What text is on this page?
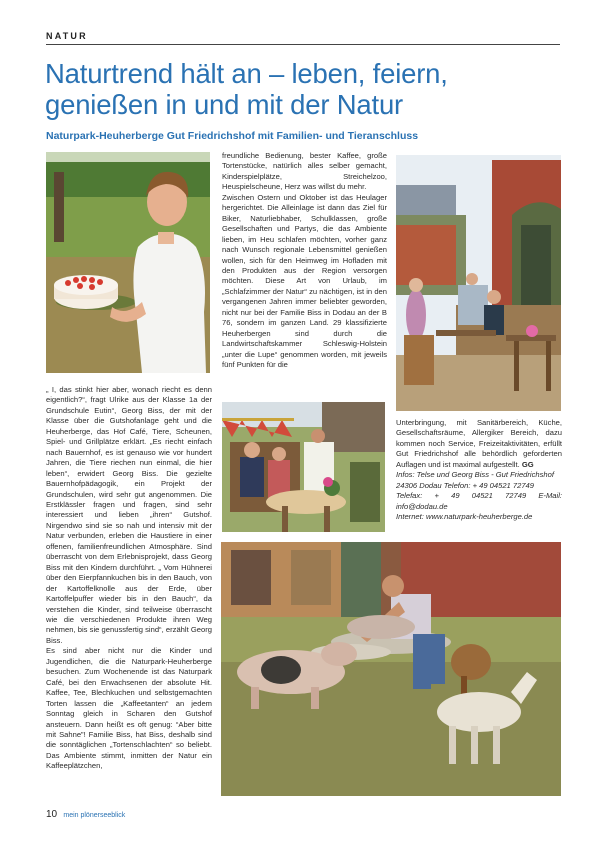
NATUR
Naturtrend hält an – leben, feiern, genießen in und mit der Natur
Naturpark-Heuherberge Gut Friedrichshof mit Familien- und Tieranschluss

„ I, das stinkt hier aber, wonach riecht es denn eigentlich?“, fragt Ulrike aus der Klasse 1a der Grundschule Eutin“, Georg Biss, der mit der Klasse über die Gutshofanlage geht und die Heuherberge, das Hof Café, Tiere, Scheunen, Spiel- und Grillplätze erklärt. „Es riecht einfach nach Bauernhof, es ist genauso wie vor hundert Jahren, die Tiere riechen nun einmal, die hier leben“, erwidert Georg Biss. Die gezielte Bauernhofpädagogik, ein Projekt der Grundschulen, wird sehr gut angenommen. Die Erstklässler fragen und fragen, sind sehr interessiert und lieben „ihren“ Gutshof. Nirgendwo sind sie so nah und intensiv mit der Natur verbunden, erleben die Haustiere in einer offenen, familienfreundlichen Atmosphäre. Sind überrascht von dem Erlebnisprojekt, dass Georg Biss mit den Kindern durchführt. „ Vom Hühnerei über den Eierpfannkuchen bis in den Bauch, von der Kartoffelknolle aus der Erde, über Kartoffelpuffer wieder bis in den Bauch“, da verstehen die Kinder, sind teilweise überrascht wie die verschiedenen Produkte ihren Weg nehmen, bis sie genussfertig sind“, erzählt Georg Biss.

Es sind aber nicht nur die Kinder und Jugendlichen, die die Naturpark-Heuherberge besuchen. Zum Wochenende ist das Naturpark Café, bei den Erwachsenen der absolute Hit. Kaffee, Tee, Blechkuchen und selbstgemachten Torten lassen die „Kaffeetanten“ an jedem Sonntag gleich in Scharen den Gutshof ansteuern. Dann heißt es oft genug: “Aber bitte mit Sahne”! Familie Biss, hat Biss, deshalb sind die sonntäglichen „Tortenschlachten“ so beliebt. Das Ambiente stimmt, inmitten der Natur ein Kaffeeplätzchen,

freundliche Bedienung, bester Kaffee, große Tortenstücke, natürlich alles selber gemacht, Kinderspielplätze, Streichelzoo, Heuspielscheune, Herz was willst du mehr.

Zwischen Ostern und Oktober ist das Heulager hergerichtet. Die Alleinlage ist dann das Ziel für Biker, Naturliebhaber, Schulklassen, große Gesellschaften und Partys, die das Ambiente lieben, im Heu schlafen möchten, vorher ganz nach Wunsch regionale Lebensmittel genießen wollen, sich für den Heimweg im Hofladen mit den Produkten aus der Region versorgen möchten. Diese Art von Urlaub, im „Schlafzimmer der Natur“ zu nächtigen, ist in den vergangenen Jahren immer beliebter geworden, nicht nur bei der Familie Biss in Dodau an der B 76, sondern im ganzen Land. 29 klassifizierte Heuherbergen sind durch die Landwirtschaftskammer Schleswig-Holstein „unter die Lupe“ genommen worden, mit jeweils fünf Punkten für die

Unterbringung, mit Sanitärbereich, Küche, Gesellschaftsräume, Allergiker Bereich, dazu kommen noch Service, Freizeitaktivitäten, erfüllt Gut Friedrichshof alle behördlich geforderten Auflagen und ist maximal aufgestellt. GG

Infos: Telse und Georg Biss - Gut Friedrichshof

24306 Dodau Telefon: + 49 04521 72749

Telefax: + 49 04521 72749 E-Mail: info@dodau.de

Internet: www.naturpark-heuherberge.de

10 mein plönerseeblick
